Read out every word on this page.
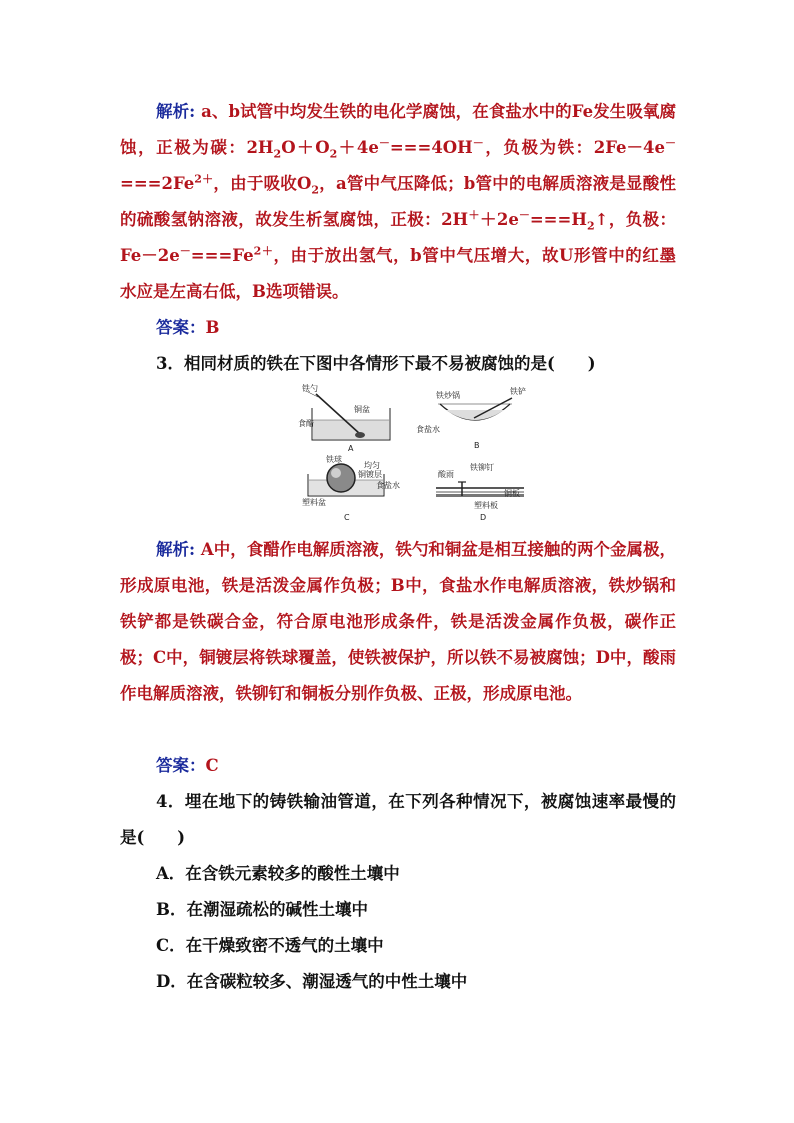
解析: a、b试管中均发生铁的电化学腐蚀，在食盐水中的Fe发生吸氧腐蚀，正极为碳：$2H_2O+O_2+4e^-===4OH^-$，负极为铁：$2Fe-4e^-===2Fe^{2+}$，由于吸收$O_2$，a管中气压降低；b管中的电解质溶液是显酸性的硫酸氢钠溶液，故发生析氢腐蚀，正极：$2H^++2e^-===H_2↑$，负极：$Fe-2e^-===Fe^{2+}$，由于放出氢气，b管中气压增大，故U形管中的红墨水应是左高右低，B选项错误。
答案：B
3．相同材质的铁在下图中各情形下最不易被腐蚀的是(　　)
铁勺
铜盆
食醋
A
铁炒锅	铁铲
食盐水
B
铁球
均匀
铜镀层
食盐水
塑料盆
C
酸雨
铁铆钉
铜板
塑料板
D
解析: A中，食醋作电解质溶液，铁勺和铜盆是相互接触的两个金属极，形成原电池，铁是活泼金属作负极；B中，食盐水作电解质溶液，铁炒锅和铁铲都是铁碳合金，符合原电池形成条件，铁是活泼金属作负极，碳作正极；C中，铜镀层将铁球覆盖，使铁被保护，所以铁不易被腐蚀；D中，酸雨作电解质溶液，铁铆钉和铜板分别作负极、正极，形成原电池。
答案：C
4．埋在地下的铸铁输油管道，在下列各种情况下，被腐蚀速率最慢的是(　　)
A．在含铁元素较多的酸性土壤中
B．在潮湿疏松的碱性土壤中
C．在干燥致密不透气的土壤中
D．在含碳粒较多、潮湿透气的中性土壤中
